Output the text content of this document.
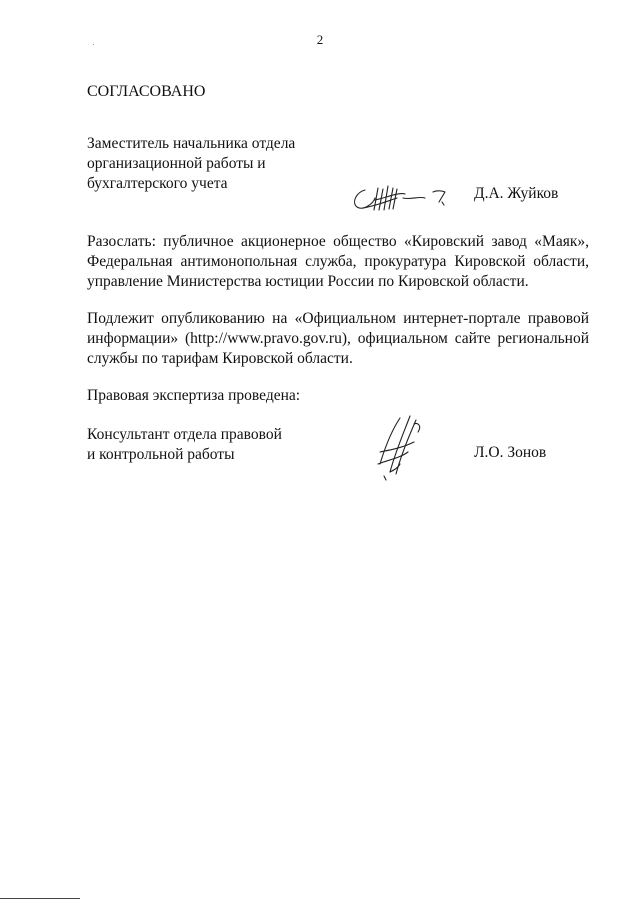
2
СОГЛАСОВАНО
Заместитель начальника отдела
организационной работы и
бухгалтерского учета
Д.А. Жуйков
Разослать: публичное акционерное общество «Кировский завод «Маяк», Федеральная антимонопольная служба, прокуратура Кировской области, управление Министерства юстиции России по Кировской области.
Подлежит опубликованию на «Официальном интернет-портале правовой информации» (http://www.pravo.gov.ru), официальном сайте региональной службы по тарифам Кировской области.
Правовая экспертиза проведена:
Консультант отдела правовой
и контрольной работы	Л.О. Зонов
